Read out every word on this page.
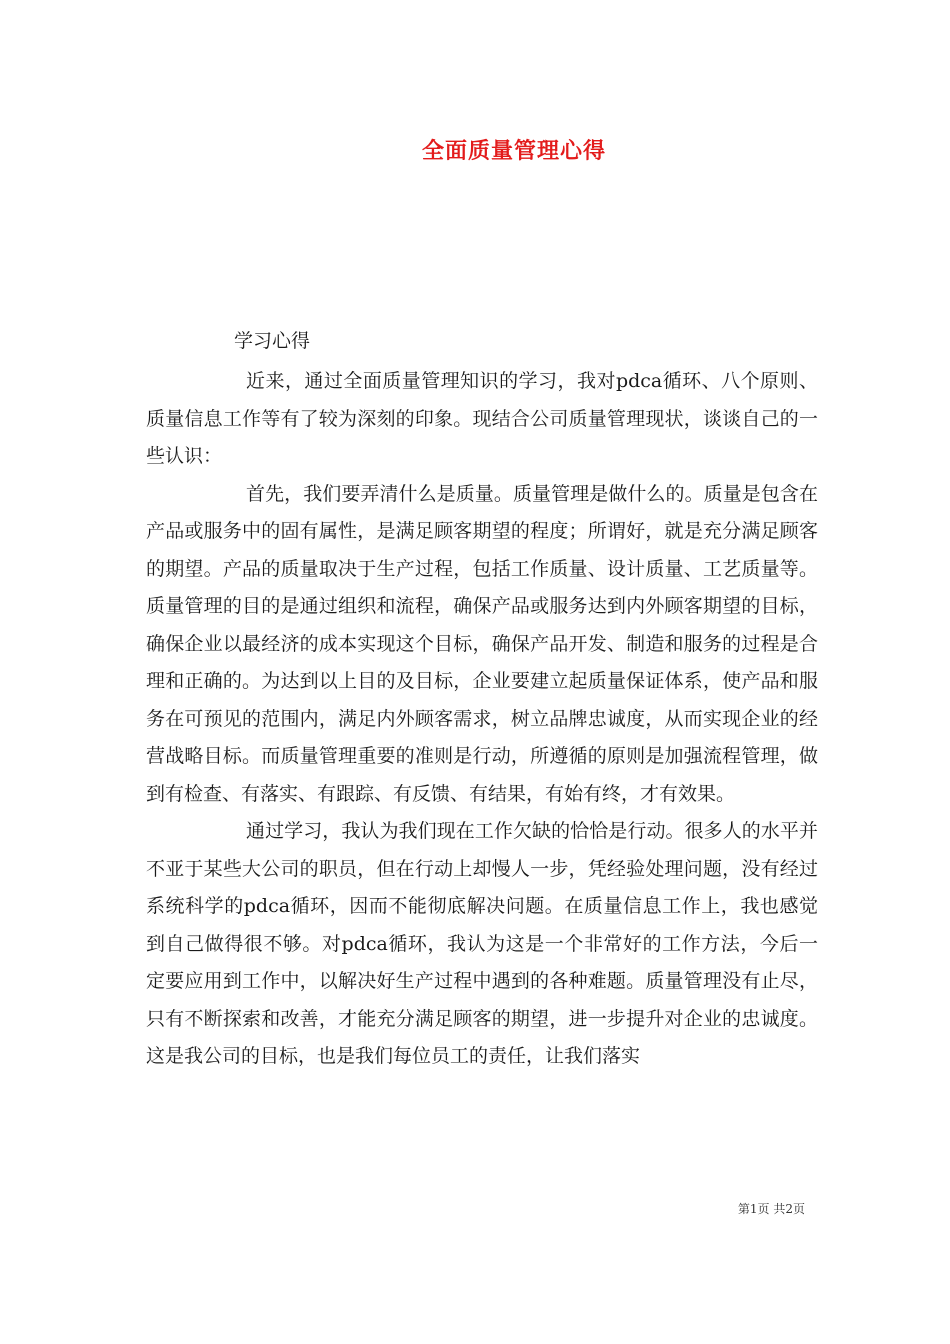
全面质量管理心得
学习心得

近来，通过全面质量管理知识的学习，我对pdca循环、八个原则、质量信息工作等有了较为深刻的印象。现结合公司质量管理现状，谈谈自己的一些认识：

首先，我们要弄清什么是质量。质量管理是做什么的。质量是包含在产品或服务中的固有属性，是满足顾客期望的程度；所谓好，就是充分满足顾客的期望。产品的质量取决于生产过程，包括工作质量、设计质量、工艺质量等。质量管理的目的是通过组织和流程，确保产品或服务达到内外顾客期望的目标，确保企业以最经济的成本实现这个目标，确保产品开发、制造和服务的过程是合理和正确的。为达到以上目的及目标，企业要建立起质量保证体系，使产品和服务在可预见的范围内，满足内外顾客需求，树立品牌忠诚度，从而实现企业的经营战略目标。而质量管理重要的准则是行动，所遵循的原则是加强流程管理，做到有检查、有落实、有跟踪、有反馈、有结果，有始有终，才有效果。

通过学习，我认为我们现在工作欠缺的恰恰是行动。很多人的水平并不亚于某些大公司的职员，但在行动上却慢人一步，凭经验处理问题，没有经过系统科学的pdca循环，因而不能彻底解决问题。在质量信息工作上，我也感觉到自己做得很不够。对pdca循环，我认为这是一个非常好的工作方法，今后一定要应用到工作中，以解决好生产过程中遇到的各种难题。质量管理没有止尽，只有不断探索和改善，才能充分满足顾客的期望，进一步提升对企业的忠诚度。这是我公司的目标，也是我们每位员工的责任，让我们落实

第1页 共2页
